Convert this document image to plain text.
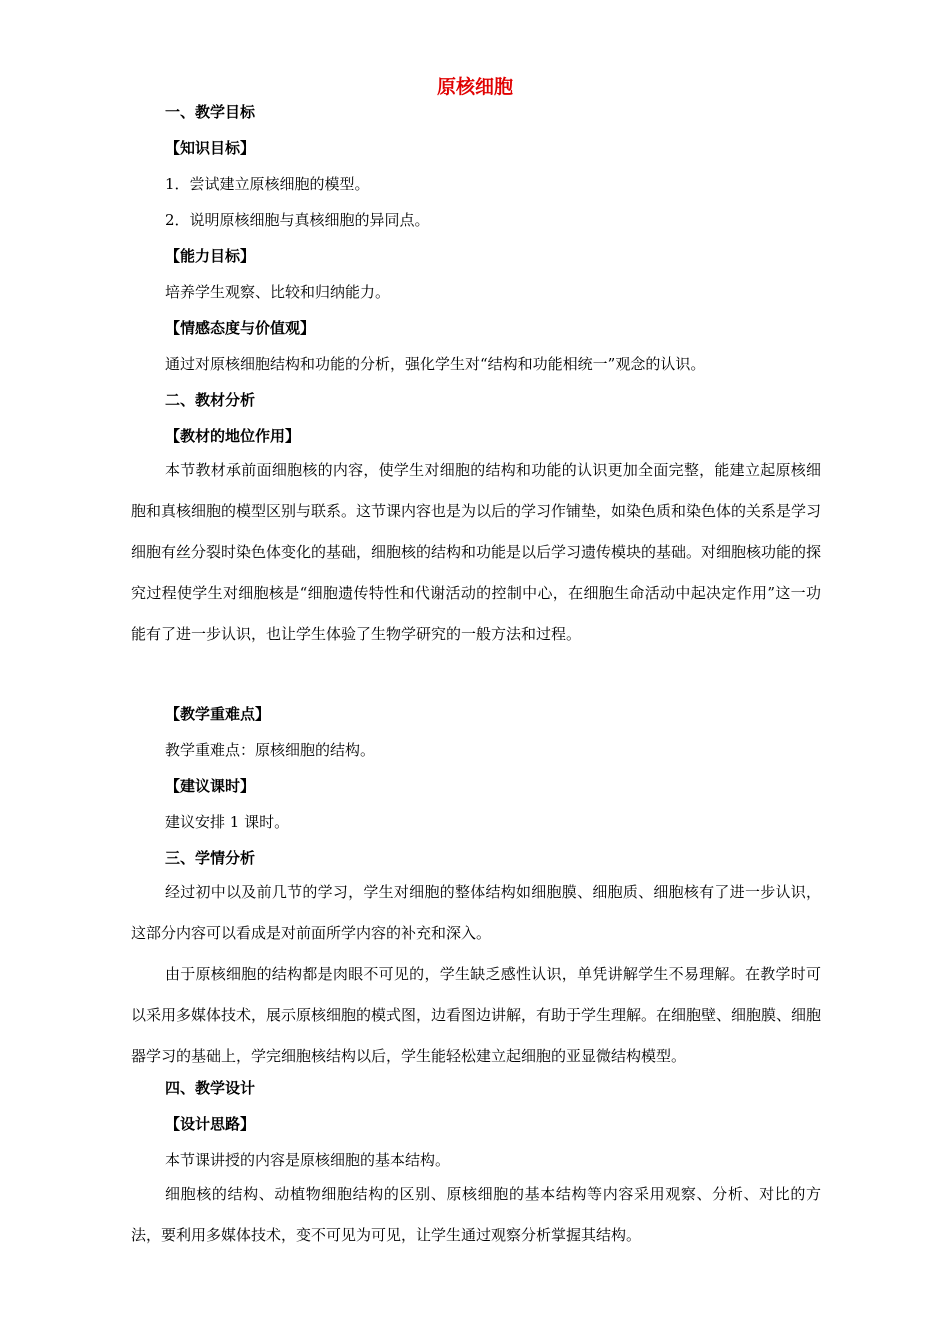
原核细胞
一、教学目标
【知识目标】
1．尝试建立原核细胞的模型。
2．说明原核细胞与真核细胞的异同点。
【能力目标】
培养学生观察、比较和归纳能力。
【情感态度与价值观】
通过对原核细胞结构和功能的分析，强化学生对“结构和功能相统一”观念的认识。
二、教材分析
【教材的地位作用】

本节教材承前面细胞核的内容，使学生对细胞的结构和功能的认识更加全面完整，能建立起原核细胞和真核细胞的模型区别与联系。这节课内容也是为以后的学习作铺垫，如染色质和染色体的关系是学习细胞有丝分裂时染色体变化的基础，细胞核的结构和功能是以后学习遗传模块的基础。对细胞核功能的探究过程使学生对细胞核是“细胞遗传特性和代谢活动的控制中心，在细胞生命活动中起决定作用”这一功能有了进一步认识，也让学生体验了生物学研究的一般方法和过程。

【教学重难点】
教学重难点：原核细胞的结构。
【建议课时】
建议安排 1 课时。
三、学情分析

经过初中以及前几节的学习，学生对细胞的整体结构如细胞膜、细胞质、细胞核有了进一步认识，这部分内容可以看成是对前面所学内容的补充和深入。

由于原核细胞的结构都是肉眼不可见的，学生缺乏感性认识，单凭讲解学生不易理解。在教学时可以采用多媒体技术，展示原核细胞的模式图，边看图边讲解，有助于学生理解。在细胞壁、细胞膜、细胞器学习的基础上，学完细胞核结构以后，学生能轻松建立起细胞的亚显微结构模型。

四、教学设计
【设计思路】
本节课讲授的内容是原核细胞的基本结构。

细胞核的结构、动植物细胞结构的区别、原核细胞的基本结构等内容采用观察、分析、对比的方法，要利用多媒体技术，变不可见为可见，让学生通过观察分析掌握其结构。
